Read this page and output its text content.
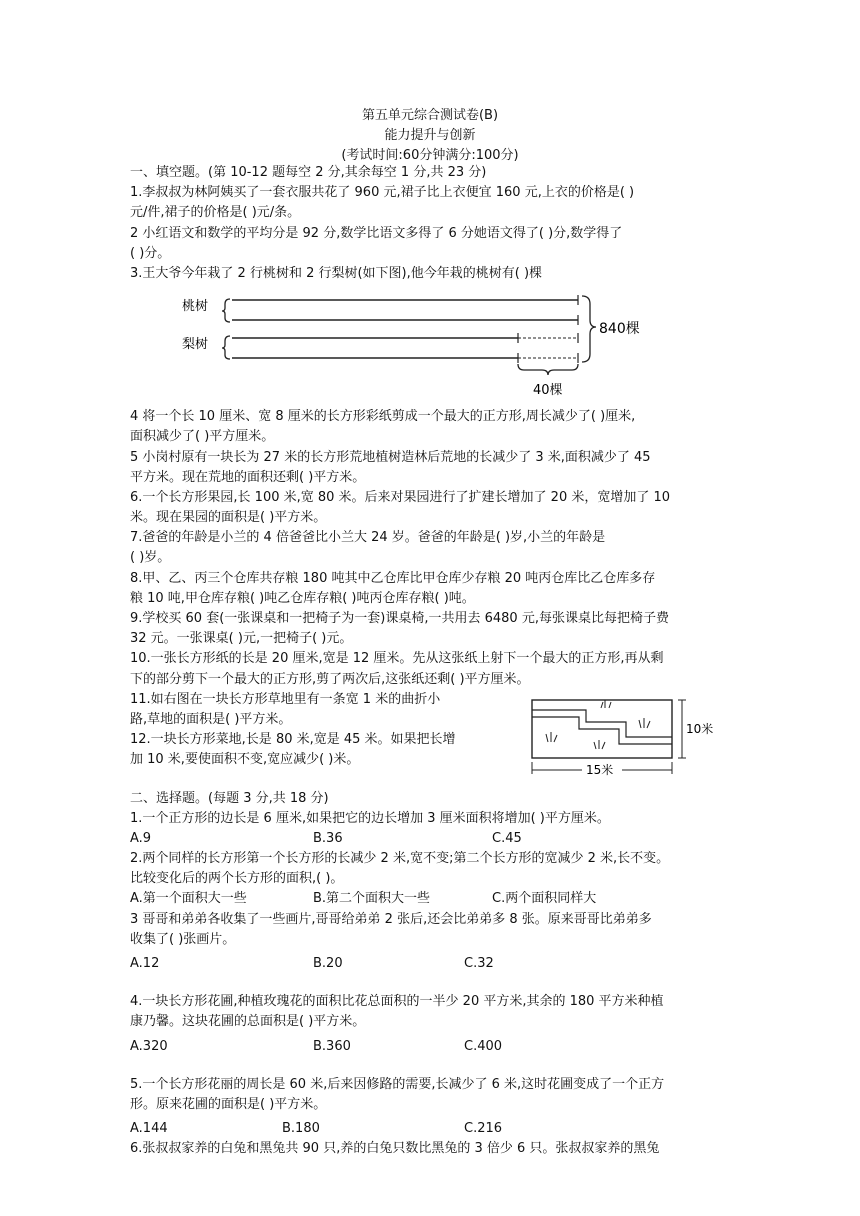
第五单元综合测试卷(B)
能力提升与创新
(考试时间:60分钟满分:100分)
一、填空题。(第 10-12 题每空 2 分,其余每空 1 分,共 23 分)
1.李叔叔为林阿姨买了一套衣服共花了 960 元,裙子比上衣便宜 160 元,上衣的价格是( )
元/件,裙子的价格是( )元/条。
2 小红语文和数学的平均分是 92 分,数学比语文多得了 6 分她语文得了( )分,数学得了
( )分。
3.王大爷今年栽了 2 行桃树和 2 行梨树(如下图),他今年栽的桃树有( )棵
桃树
梨树
840棵
40棵
4 将一个长 10 厘米、宽 8 厘米的长方形彩纸剪成一个最大的正方形,周长减少了( )厘米,
面积减少了( )平方厘米。
5 小岗村原有一块长为 27 米的长方形荒地植树造林后荒地的长减少了 3 米,面积减少了 45
平方米。现在荒地的面积还剩( )平方米。
6.一个长方形果园,长 100 米,宽 80 米。后来对果园进行了扩建长增加了 20 米，宽增加了 10
米。现在果园的面积是( )平方米。
7.爸爸的年龄是小兰的 4 倍爸爸比小兰大 24 岁。爸爸的年龄是( )岁,小兰的年龄是
( )岁。
8.甲、乙、丙三个仓库共存粮 180 吨其中乙仓库比甲仓库少存粮 20 吨丙仓库比乙仓库多存
粮 10 吨,甲仓库存粮( )吨乙仓库存粮( )吨丙仓库存粮( )吨。
9.学校买 60 套(一张课桌和一把椅子为一套)课桌椅,一共用去 6480 元,每张课桌比每把椅子费
32 元。一张课桌( )元,一把椅子( )元。
10.一张长方形纸的长是 20 厘米,宽是 12 厘米。先从这张纸上射下一个最大的正方形,再从剩
下的部分剪下一个最大的正方形,剪了两次后,这张纸还剩( )平方厘米。
11.如右图在一块长方形草地里有一条宽 1 米的曲折小
路,草地的面积是( )平方米。
12.一块长方形菜地,长是 80 米,宽是 45 米。如果把长增
加 10 米,要使面积不变,宽应减少( )米。
10米
15米
二、选择题。(每题 3 分,共 18 分)
1.一个正方形的边长是 6 厘米,如果把它的边长增加 3 厘米面积将增加( )平方厘米。
A.9	B.36	C.45
2.两个同样的长方形第一个长方形的长减少 2 米,宽不变;第二个长方形的宽减少 2 米,长不变。
比较变化后的两个长方形的面积,( )。
A.第一个面积大一些	B.第二个面积大一些	C.两个面积同样大
3 哥哥和弟弟各收集了一些画片,哥哥给弟弟 2 张后,还会比弟弟多 8 张。原来哥哥比弟弟多
收集了( )张画片。
A.12	B.20	C.32
4.一块长方形花圃,种植玫瑰花的面积比花总面积的一半少 20 平方米,其余的 180 平方米种植
康乃馨。这块花圃的总面积是( )平方米。
A.320	B.360	C.400
5.一个长方形花丽的周长是 60 米,后来因修路的需要,长减少了 6 米,这时花圃变成了一个正方
形。原来花圃的面积是( )平方米。
A.144	B.180	C.216
6.张叔叔家养的白兔和黑兔共 90 只,养的白兔只数比黑兔的 3 倍少 6 只。张叔叔家养的黑兔
